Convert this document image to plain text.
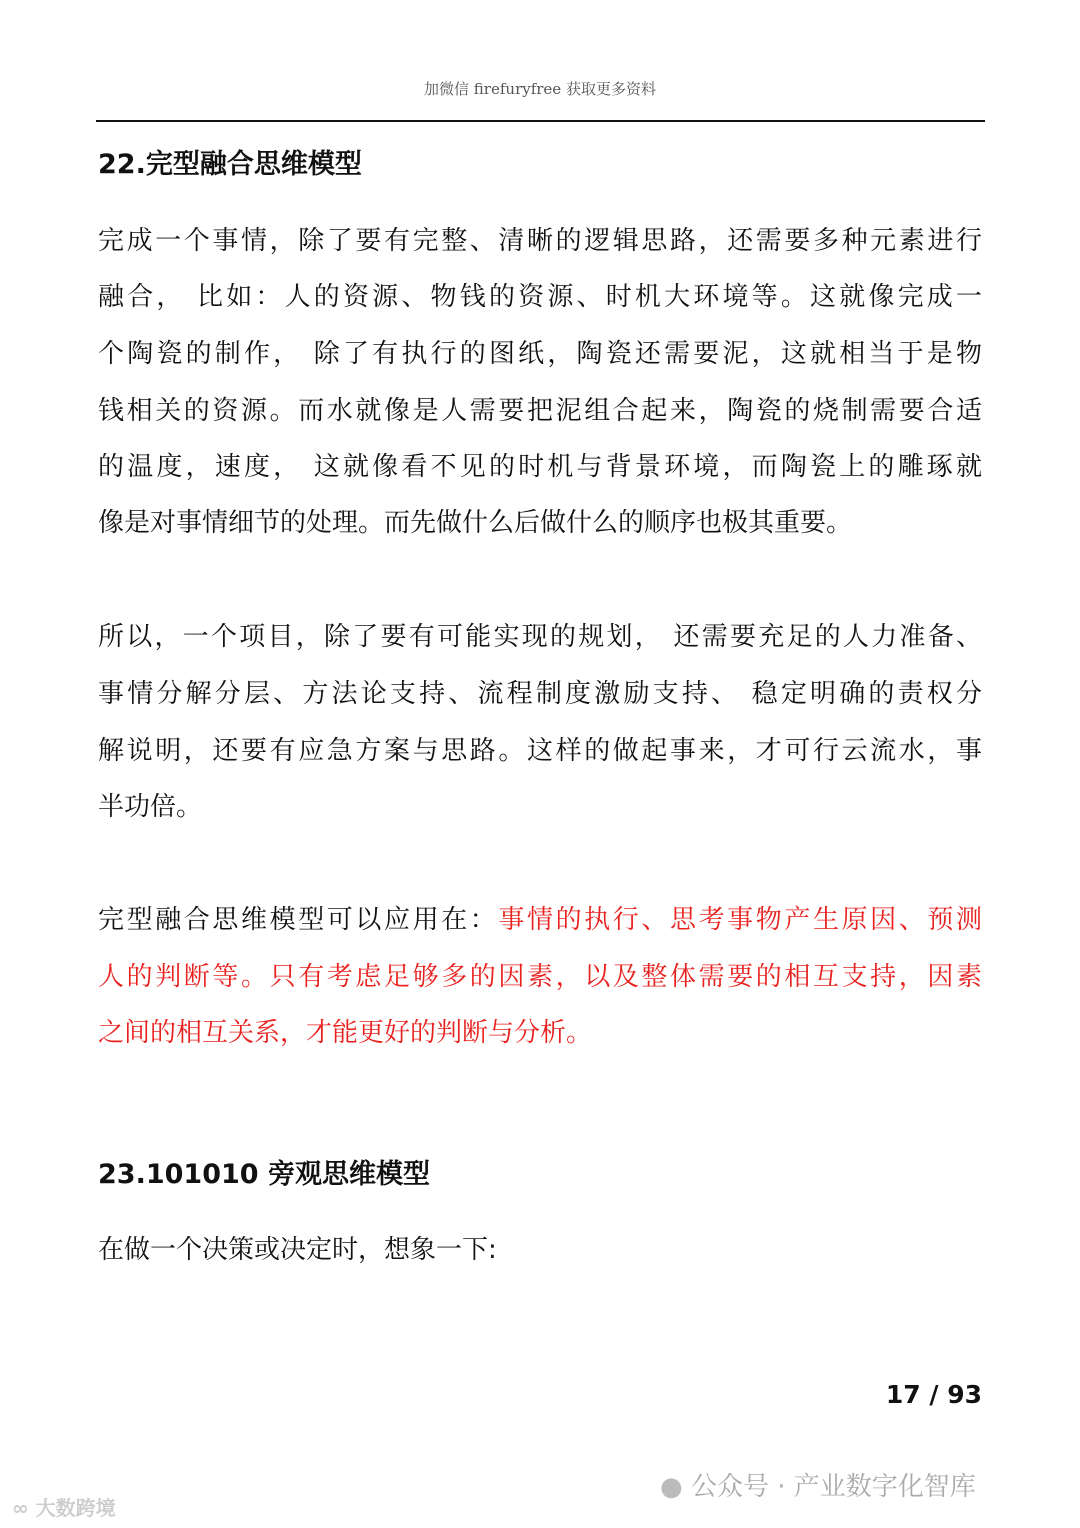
加微信 firefuryfree 获取更多资料
22.完型融合思维模型
完成一个事情，除了要有完整、清晰的逻辑思路，还需要多种元素进行
融合， 比如：人的资源、物钱的资源、时机大环境等。这就像完成一
个陶瓷的制作， 除了有执行的图纸，陶瓷还需要泥，这就相当于是物
钱相关的资源。而水就像是人需要把泥组合起来，陶瓷的烧制需要合适
的温度，速度， 这就像看不见的时机与背景环境，而陶瓷上的雕琢就
像是对事情细节的处理。而先做什么后做什么的顺序也极其重要。
所以，一个项目，除了要有可能实现的规划， 还需要充足的人力准备、
事情分解分层、方法论支持、流程制度激励支持、 稳定明确的责权分
解说明，还要有应急方案与思路。这样的做起事来，才可行云流水，事
半功倍。
完型融合思维模型可以应用在：事情的执行、思考事物产生原因、预测
人的判断等。只有考虑足够多的因素，以及整体需要的相互支持，因素
之间的相互关系，才能更好的判断与分析。
23.101010 旁观思维模型
在做一个决策或决定时，想象一下:
17 / 93
● 公众号 · 产业数字化智库
∞ 大数跨境
